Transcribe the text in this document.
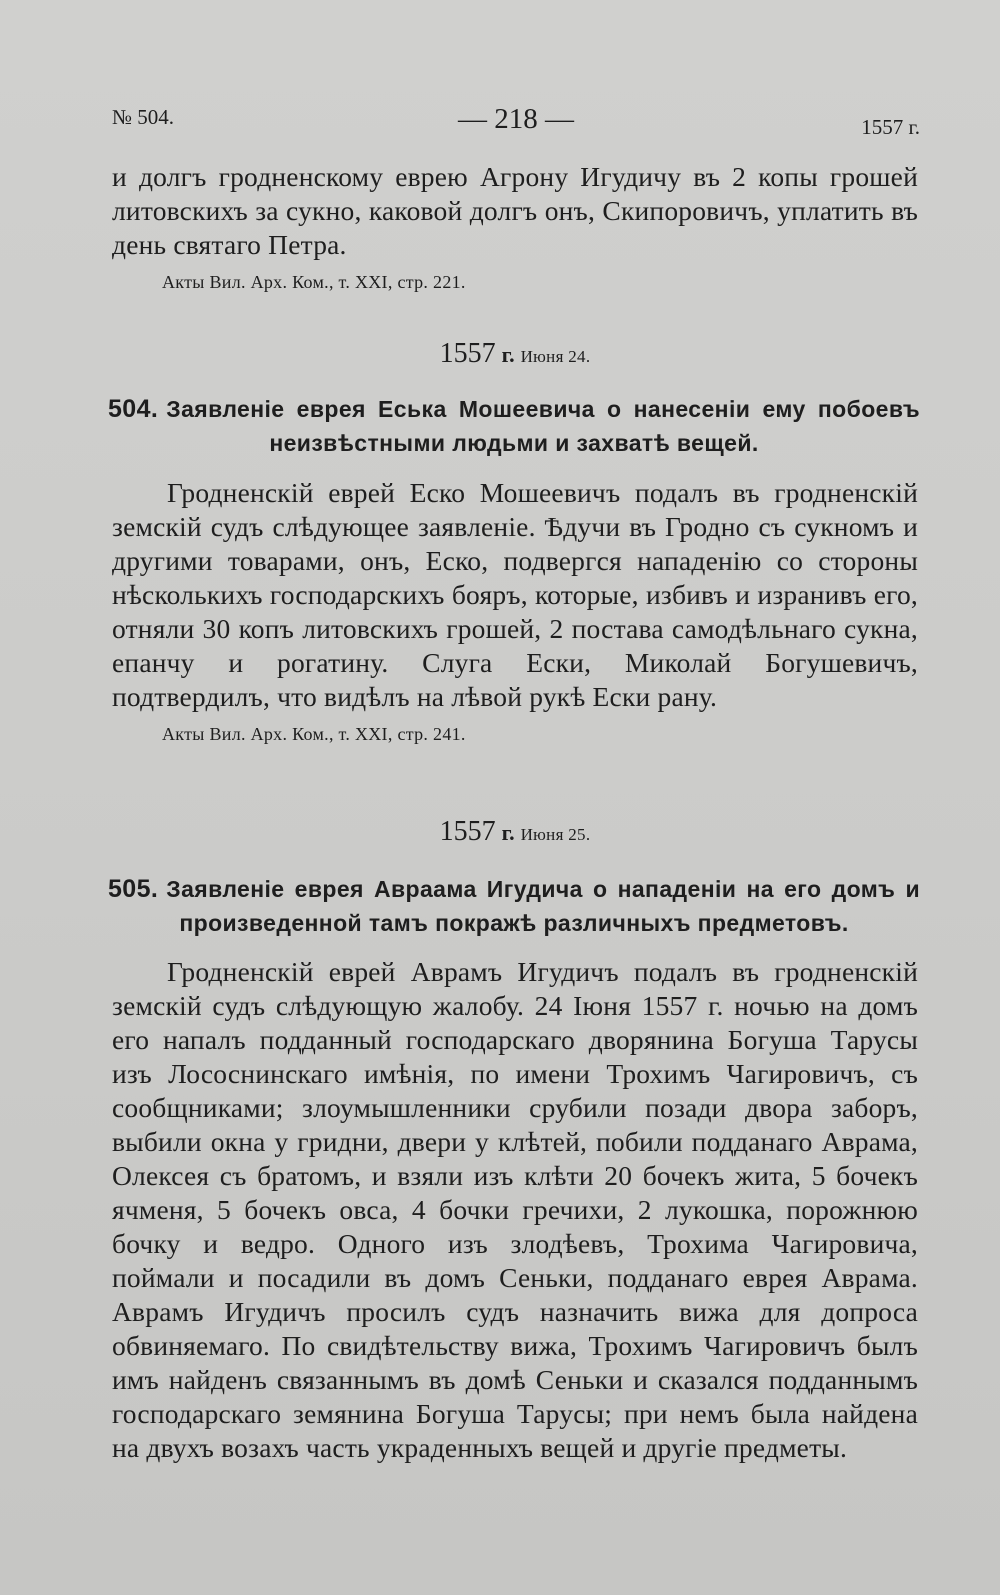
№ 504.	— 218 —	1557 г.
и долгъ гродненскому еврею Агрону Игудичу въ 2 копы грошей литовскихъ за сукно, каковой долгъ онъ, Скипоровичъ, уплатить въ день святаго Петра.
Акты Вил. Арх. Ком., т. XXI, стр. 221.
1557 г. Июня 24.
504. Заявленіе еврея Еська Мошеевича о нанесеніи ему побоевъ
неизвѣстными людьми и захватѣ вещей.
Гродненскій еврей Еско Мошеевичъ подалъ въ гродненскій земскій судъ слѣдующее заявленіе. Ѣдучи въ Гродно съ сукномъ и другими товарами, онъ, Еско, подвергся нападенію со стороны нѣсколькихъ господарскихъ бояръ, которые, избивъ и изранивъ его, отняли 30 копъ литовскихъ грошей, 2 постава самодѣльнаго сукна, епанчу и рогатину. Слуга Ески, Миколай Богушевичъ, подтвердилъ, что видѣлъ на лѣвой рукѣ Ески рану.
Акты Вил. Арх. Ком., т. XXI, стр. 241.
1557 г. Июня 25.
505. Заявленіе еврея Авраама Игудича о нападеніи на его домъ и
произведенной тамъ покражѣ различныхъ предметовъ.
Гродненскій еврей Аврамъ Игудичъ подалъ въ гродненскій земскій судъ слѣдующую жалобу. 24 Іюня 1557 г. ночью на домъ его напалъ подданный господарскаго дворянина Богуша Тарусы изъ Лососнинскаго имѣнія, по имени Трохимъ Чагировичъ, съ сообщниками; злоумышленники срубили позади двора заборъ, выбили окна у гридни, двери у клѣтей, побили подданаго Аврама, Олексея съ братомъ, и взяли изъ клѣти 20 бочекъ жита, 5 бочекъ ячменя, 5 бочекъ овса, 4 бочки гречихи, 2 лукошка, порожнюю бочку и ведро. Одного изъ злодѣевъ, Трохима Чагировича, поймали и посадили въ домъ Сеньки, подданаго еврея Аврама. Аврамъ Игудичъ просилъ судъ назначить вижа для допроса обвиняемаго. По свидѣтельству вижа, Трохимъ Чагировичъ былъ имъ найденъ связаннымъ въ домѣ Сеньки и сказался подданнымъ господарскаго земянина Богуша Тарусы; при немъ была найдена на двухъ возахъ часть украденныхъ вещей и другіе предметы.
